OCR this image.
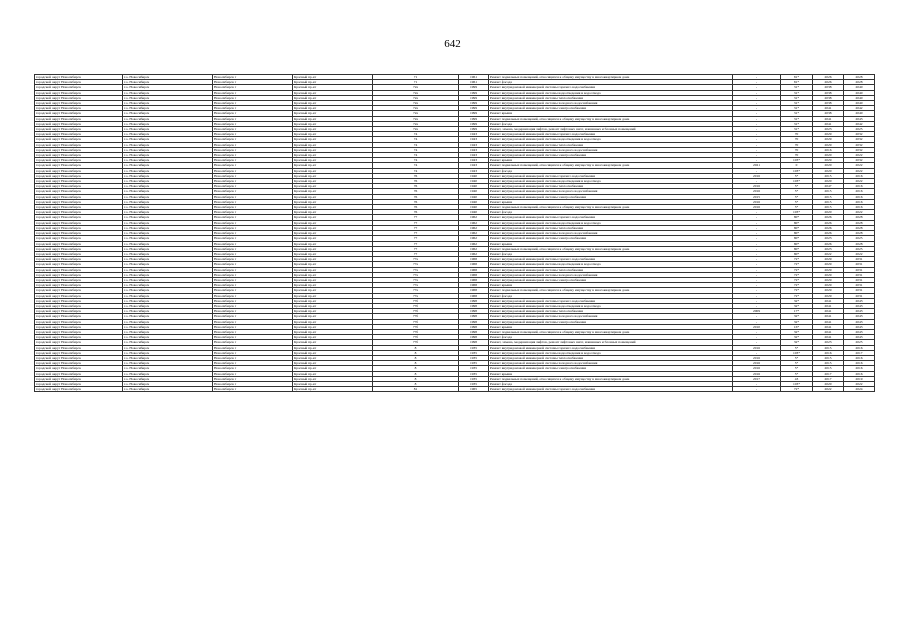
642
городской округ Новосибирск	г.о. Новосибирск	Новосибирск г	Красный пр-кт	71	1961	Ремонт подвальных помещений, относящихся к общему имуществу в многоквартирном доме	-	81*	2026	2028
городской округ Новосибирск	г.о. Новосибирск	Новосибирск г	Красный пр-кт	71	1961	Ремонт фасада	-	81*	2026	2028
городской округ Новосибирск	г.о. Новосибирск	Новосибирск г	Красный пр-кт	72а	1999	Ремонт внутридомовой инженерной системы горячего водоснабжения	-	31*	2038	2040
городской округ Новосибирск	г.о. Новосибирск	Новосибирск г	Красный пр-кт	72а	1999	Ремонт внутридомовой инженерной системы водоотведения и водоотвода	-	31*	2038	2040
городской округ Новосибирск	г.о. Новосибирск	Новосибирск г	Красный пр-кт	72а	1999	Ремонт внутридомовой инженерной системы теплоснабжения	-	31*	2038	2040
городской округ Новосибирск	г.о. Новосибирск	Новосибирск г	Красный пр-кт	72а	1999	Ремонт внутридомовой инженерной системы холодного водоснабжения	-	31*	2038	2040
городской округ Новосибирск	г.о. Новосибирск	Новосибирск г	Красный пр-кт	72а	1999	Ремонт внутридомовой инженерной системы электроснабжения	-	31*	2041	2042
городской округ Новосибирск	г.о. Новосибирск	Новосибирск г	Красный пр-кт	72а	1999	Ремонт крыши	-	31*	2038	2040
городской округ Новосибирск	г.о. Новосибирск	Новосибирск г	Красный пр-кт	72а	1999	Ремонт подвальных помещений, относящихся к общему имуществу в многоквартирном доме	-	31*	2041	2043
городской округ Новосибирск	г.о. Новосибирск	Новосибирск г	Красный пр-кт	72а	1999	Ремонт фасада	-	31*	2041	2042
городской округ Новосибирск	г.о. Новосибирск	Новосибирск г	Красный пр-кт	72а	1999	Ремонт, замена, модернизация лифтов, ремонт лифтовых шахт, машинных и блочных помещений	-	31*	2023	2025
городской округ Новосибирск	г.о. Новосибирск	Новосибирск г	Красный пр-кт	74	1943	Ремонт внутридомовой инженерной системы горячего водоснабжения	-	70	2029	2032
городской округ Новосибирск	г.о. Новосибирск	Новосибирск г	Красный пр-кт	74	1943	Ремонт внутридомовой инженерной системы водоотведения и водоотвода	-	70	2029	2032
городской округ Новосибирск	г.о. Новосибирск	Новосибирск г	Красный пр-кт	74	1943	Ремонт внутридомовой инженерной системы теплоснабжения	-	70	2029	2032
городской округ Новосибирск	г.о. Новосибирск	Новосибирск г	Красный пр-кт	74	1943	Ремонт внутридомовой инженерной системы холодного водоснабжения	-	70	2016	2032
городской округ Новосибирск	г.о. Новосибирск	Новосибирск г	Красный пр-кт	74	1943	Ремонт внутридомовой инженерной системы электроснабжения	-	70	2020	2022
городской округ Новосибирск	г.о. Новосибирск	Новосибирск г	Красный пр-кт	74	1943	Ремонт крыши	-	103*	2029	2032
городской округ Новосибирск	г.о. Новосибирск	Новосибирск г	Красный пр-кт	74	1943	Ремонт подвальных помещений, относящихся к общему имуществу в многоквартирном доме	2021	0	2020	2022
городской округ Новосибирск	г.о. Новосибирск	Новосибирск г	Красный пр-кт	74	1943	Ремонт фасада	-	103*	2020	2022
городской округ Новосибирск	г.о. Новосибирск	Новосибирск г	Красный пр-кт	76	1940	Ремонт внутридомовой инженерной системы горячего водоснабжения	2016	5*	2015	2016
городской округ Новосибирск	г.о. Новосибирск	Новосибирск г	Красный пр-кт	76	1940	Ремонт внутридомовой инженерной системы водоотведения и водоотвода	-	103*	2020	2022
городской округ Новосибирск	г.о. Новосибирск	Новосибирск г	Красный пр-кт	76	1940	Ремонт внутридомовой инженерной системы теплоснабжения	2016	5*	2047	2016
городской округ Новосибирск	г.о. Новосибирск	Новосибирск г	Красный пр-кт	76	1940	Ремонт внутридомовой инженерной системы холодного водоснабжения	2016	5*	2015	2016
городской округ Новосибирск	г.о. Новосибирск	Новосибирск г	Красный пр-кт	76	1940	Ремонт внутридомовой инженерной системы электроснабжения	2015	5*	2015	2016
городской округ Новосибирск	г.о. Новосибирск	Новосибирск г	Красный пр-кт	76	1940	Ремонт крыши	2016	5*	2015	2016
городской округ Новосибирск	г.о. Новосибирск	Новосибирск г	Красный пр-кт	76	1940	Ремонт подвальных помещений, относящихся к общему имуществу в многоквартирном доме	2016	5*	2015	2016
городской округ Новосибирск	г.о. Новосибирск	Новосибирск г	Красный пр-кт	76	1940	Ремонт фасада	-	103*	2020	2022
городской округ Новосибирск	г.о. Новосибирск	Новосибирск г	Красный пр-кт	77	1962	Ремонт внутридомовой инженерной системы горячего водоснабжения	-	80*	2026	2028
городской округ Новосибирск	г.о. Новосибирск	Новосибирск г	Красный пр-кт	77	1962	Ремонт внутридомовой инженерной системы водоотведения и водоотвода	-	80*	2026	2028
городской округ Новосибирск	г.о. Новосибирск	Новосибирск г	Красный пр-кт	77	1962	Ремонт внутридомовой инженерной системы теплоснабжения	-	80*	2026	2028
городской округ Новосибирск	г.о. Новосибирск	Новосибирск г	Красный пр-кт	77	1962	Ремонт внутридомовой инженерной системы холодного водоснабжения	-	80*	2026	2028
городской округ Новосибирск	г.о. Новосибирск	Новосибирск г	Красный пр-кт	77	1962	Ремонт внутридомовой инженерной системы электроснабжения	-	80*	2023	2025
городской округ Новосибирск	г.о. Новосибирск	Новосибирск г	Красный пр-кт	77	1962	Ремонт крыши	-	80*	2026	2028
городской округ Новосибирск	г.о. Новосибирск	Новосибирск г	Красный пр-кт	77	1962	Ремонт подвальных помещений, относящихся к общему имуществу в многоквартирном доме	-	80*	2023	2025
городской округ Новосибирск	г.о. Новосибирск	Новосибирск г	Красный пр-кт	77	1962	Ремонт фасада	-	80*	2022	2022
городской округ Новосибирск	г.о. Новосибирск	Новосибирск г	Красный пр-кт	77а	1968	Ремонт внутридомовой инженерной системы горячего водоснабжения	-	72*	2029	2031
городской округ Новосибирск	г.о. Новосибирск	Новосибирск г	Красный пр-кт	77а	1968	Ремонт внутридомовой инженерной системы водоотведения и водоотвода	-	72*	2029	2031
городской округ Новосибирск	г.о. Новосибирск	Новосибирск г	Красный пр-кт	77а	1968	Ремонт внутридомовой инженерной системы теплоснабжения	-	72*	2029	2031
городской округ Новосибирск	г.о. Новосибирск	Новосибирск г	Красный пр-кт	77а	1968	Ремонт внутридомовой инженерной системы холодного водоснабжения	-	72*	2029	2031
городской округ Новосибирск	г.о. Новосибирск	Новосибирск г	Красный пр-кт	77а	1968	Ремонт внутридомовой инженерной системы электроснабжения	-	72*	2029	2031
городской округ Новосибирск	г.о. Новосибирск	Новосибирск г	Красный пр-кт	77а	1968	Ремонт крыши	-	72*	2029	2031
городской округ Новосибирск	г.о. Новосибирск	Новосибирск г	Красный пр-кт	77а	1968	Ремонт подвальных помещений, относящихся к общему имуществу в многоквартирном доме	-	72*	2029	2031
городской округ Новосибирск	г.о. Новосибирск	Новосибирск г	Красный пр-кт	77а	1968	Ремонт фасада	-	72*	2029	2031
городской округ Новосибирск	г.о. Новосибирск	Новосибирск г	Красный пр-кт	77б	1998	Ремонт внутридомовой инженерной системы горячего водоснабжения	-	32*	2041	2043
городской округ Новосибирск	г.о. Новосибирск	Новосибирск г	Красный пр-кт	77б	1998	Ремонт внутридомовой инженерной системы водоотведения и водоотвода	-	32*	2041	2043
городской округ Новосибирск	г.о. Новосибирск	Новосибирск г	Красный пр-кт	77б	1998	Ремонт внутридомовой инженерной системы теплоснабжения	2009	17*	2041	2043
городской округ Новосибирск	г.о. Новосибирск	Новосибирск г	Красный пр-кт	77б	1998	Ремонт внутридомовой инженерной системы холодного водоснабжения	-	32*	2041	2043
городской округ Новосибирск	г.о. Новосибирск	Новосибирск г	Красный пр-кт	77б	1998	Ремонт внутридомовой инженерной системы электроснабжения	-	32*	2041	2043
городской округ Новосибирск	г.о. Новосибирск	Новосибирск г	Красный пр-кт	77б	1998	Ремонт крыши	2010	16*	2041	2043
городской округ Новосибирск	г.о. Новосибирск	Новосибирск г	Красный пр-кт	77б	1998	Ремонт подвальных помещений, относящихся к общему имуществу в многоквартирном доме	-	32*	2041	2043
городской округ Новосибирск	г.о. Новосибирск	Новосибирск г	Красный пр-кт	77б	1998	Ремонт фасада	-	32*	2041	2043
городской округ Новосибирск	г.о. Новосибирск	Новосибирск г	Красный пр-кт	77б	1998	Ремонт, замена, модернизация лифтов, ремонт лифтовых шахт, машинных и блочных помещений	-	32*	2023	2025
городской округ Новосибирск	г.о. Новосибирск	Новосибирск г	Красный пр-кт	8	1935	Ремонт внутридомовой инженерной системы горячего водоснабжения	2016	5*	2015	2016
городской округ Новосибирск	г.о. Новосибирск	Новосибирск г	Красный пр-кт	8	1935	Ремонт внутридомовой инженерной системы водоотведения и водоотвода	-	103*	2016	2017
городской округ Новосибирск	г.о. Новосибирск	Новосибирск г	Красный пр-кт	8	1935	Ремонт внутридомовой инженерной системы теплоснабжения	2016	5*	2015	2016
городской округ Новосибирск	г.о. Новосибирск	Новосибирск г	Красный пр-кт	8	1935	Ремонт внутридомовой инженерной системы холодного водоснабжения	2016	5*	2015	2016
городской округ Новосибирск	г.о. Новосибирск	Новосибирск г	Красный пр-кт	8	1935	Ремонт внутридомовой инженерной системы электроснабжения	2016	5*	2015	2016
городской округ Новосибирск	г.о. Новосибирск	Новосибирск г	Красный пр-кт	8	1935	Ремонт крыши	2016	5*	2017	2016
городской округ Новосибирск	г.о. Новосибирск	Новосибирск г	Красный пр-кт	8	1935	Ремонт подвальных помещений, относящихся к общему имуществу в многоквартирном доме	2017	43	2017	2019
городской округ Новосибирск	г.о. Новосибирск	Новосибирск г	Красный пр-кт	8	1935	Ремонт фасада	-	103*	2020	2022
городской округ Новосибирск	г.о. Новосибирск	Новосибирск г	Красный пр-кт	81	1965	Ремонт внутридомовой инженерной системы горячего водоснабжения	-	72*	2022	2024
